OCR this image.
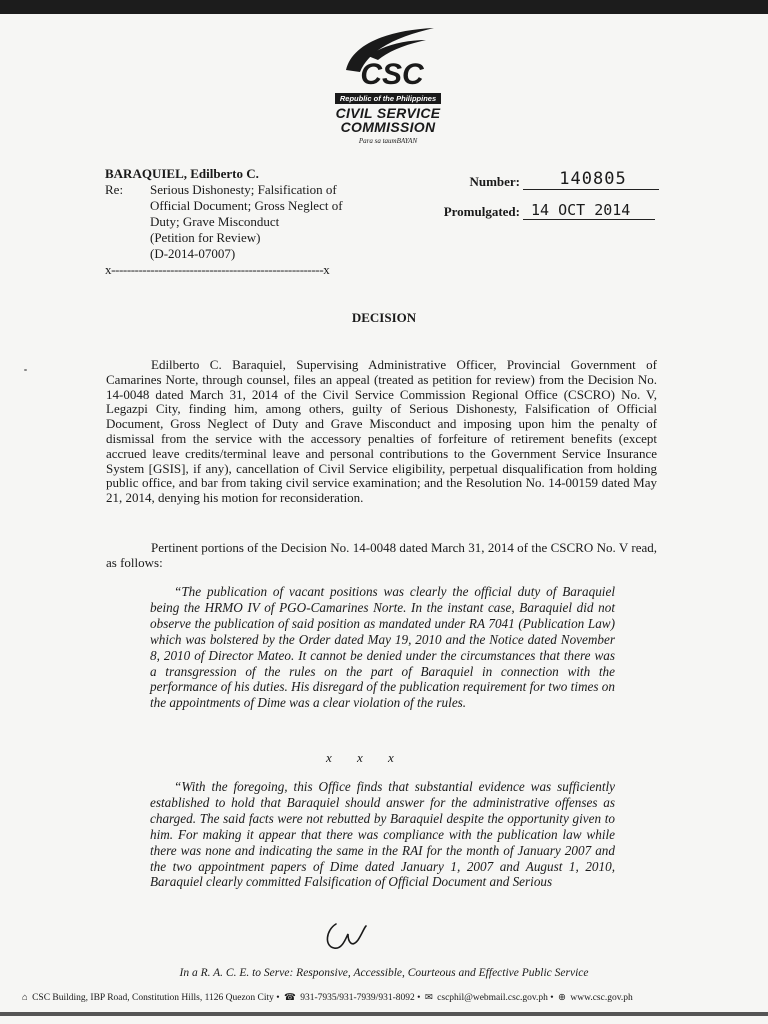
CSC
Republic of the Philippines
CIVIL SERVICE
COMMISSION
Para sa taumBAYAN
BARAQUIEL, Edilberto C.
Re:	Serious Dishonesty; Falsification of
Official Document; Gross Neglect of
Duty; Grave Misconduct
(Petition for Review)
(D-2014-07007)
x------------------------------------------------------x
Number:	140805
Promulgated: 14 OCT 2014
DECISION
Edilberto C. Baraquiel, Supervising Administrative Officer, Provincial Government of Camarines Norte, through counsel, files an appeal (treated as petition for review) from the Decision No. 14-0048 dated March 31, 2014 of the Civil Service Commission Regional Office (CSCRO) No. V, Legazpi City, finding him, among others, guilty of Serious Dishonesty, Falsification of Official Document, Gross Neglect of Duty and Grave Misconduct and imposing upon him the penalty of dismissal from the service with the accessory penalties of forfeiture of retirement benefits (except accrued leave credits/terminal leave and personal contributions to the Government Service Insurance System [GSIS], if any), cancellation of Civil Service eligibility, perpetual disqualification from holding public office, and bar from taking civil service examination; and the Resolution No. 14-00159 dated May 21, 2014, denying his motion for reconsideration.
Pertinent portions of the Decision No. 14-0048 dated March 31, 2014 of the CSCRO No. V read, as follows:
“The publication of vacant positions was clearly the official duty of Baraquiel being the HRMO IV of PGO-Camarines Norte. In the instant case, Baraquiel did not observe the publication of said position as mandated under RA 7041 (Publication Law) which was bolstered by the Order dated May 19, 2010 and the Notice dated November 8, 2010 of Director Mateo. It cannot be denied under the circumstances that there was a transgression of the rules on the part of Baraquiel in connection with the performance of his duties. His disregard of the publication requirement for two times on the appointments of Dime was a clear violation of the rules.
x x x
“With the foregoing, this Office finds that substantial evidence was sufficiently established to hold that Baraquiel should answer for the administrative offenses as charged. The said facts were not rebutted by Baraquiel despite the opportunity given to him. For making it appear that there was compliance with the publication law while there was none and indicating the same in the RAI for the month of January 2007 and the two appointment papers of Dime dated January 1, 2007 and August 1, 2010, Baraquiel clearly committed Falsification of Official Document and Serious
In a R. A. C. E. to Serve: Responsive, Accessible, Courteous and Effective Public Service
⌂ CSC Building, IBP Road, Constitution Hills, 1126 Quezon City • ☎ 931-7935/931-7939/931-8092 • ✉ csc​phil@webmail.csc.gov.ph • ⊕ www.csc.gov.ph
